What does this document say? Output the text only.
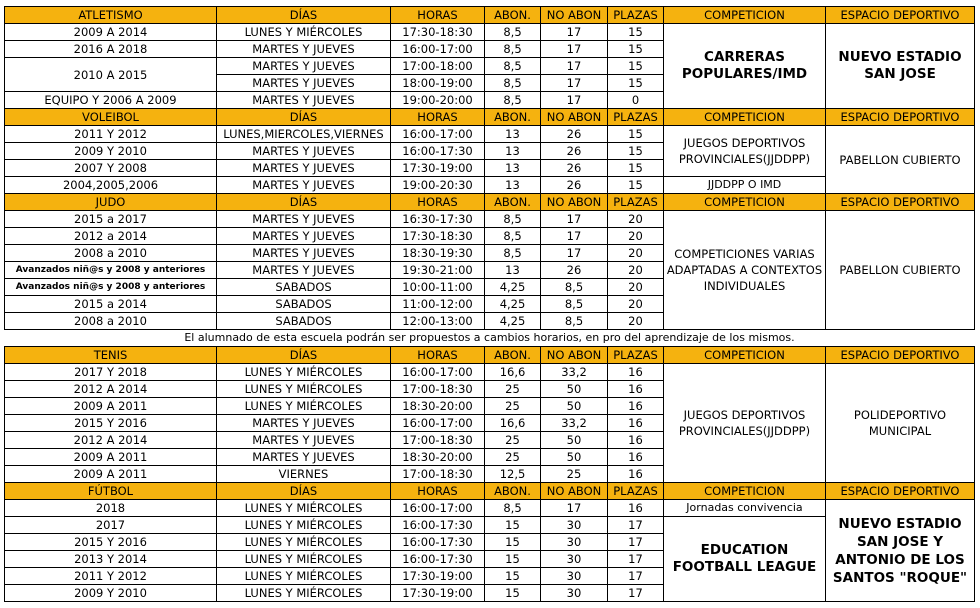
ATLETISMO	DÍAS	HORAS	ABON.	NO ABON	PLAZAS	COMPETICION	ESPACIO DEPORTIVO
2009 A 2014	LUNES Y MIÉRCOLES	17:30-18:30	8,5	17	15	CARRERAS POPULARES/IMD	NUEVO ESTADIO SAN JOSE
2016 A 2018	MARTES Y JUEVES	16:00-17:00	8,5	17	15		
2010 A 2015	MARTES Y JUEVES	17:00-18:00	8,5	17	15		
	MARTES Y JUEVES	18:00-19:00	8,5	17	15		
EQUIPO Y 2006 A 2009	MARTES Y JUEVES	19:00-20:00	8,5	17	0		
VOLEIBOL	DÍAS	HORAS	ABON.	NO ABON	PLAZAS	COMPETICION	ESPACIO DEPORTIVO
2011 Y 2012	LUNES,MIERCOLES,VIERNES	16:00-17:00	13	26	15	JUEGOS DEPORTIVOS PROVINCIALES(JJDDPP)	PABELLON CUBIERTO
2009 Y 2010	MARTES Y JUEVES	16:00-17:30	13	26	15		
2007 Y 2008	MARTES Y JUEVES	17:30-19:00	13	26	15		
2004,2005,2006	MARTES Y JUEVES	19:00-20:30	13	26	15	JJDDPP O IMD	
JUDO	DÍAS	HORAS	ABON.	NO ABON	PLAZAS	COMPETICION	ESPACIO DEPORTIVO
2015 a 2017	MARTES Y JUEVES	16:30-17:30	8,5	17	20	COMPETICIONES VARIAS ADAPTADAS A CONTEXTOS INDIVIDUALES	PABELLON CUBIERTO
2012 a 2014	MARTES Y JUEVES	17:30-18:30	8,5	17	20		
2008 a 2010	MARTES Y JUEVES	18:30-19:30	8,5	17	20		
Avanzados niñ@s y 2008 y anteriores	MARTES Y JUEVES	19:30-21:00	13	26	20		
Avanzados niñ@s y 2008 y anteriores	SABADOS	10:00-11:00	4,25	8,5	20		
2015 a 2014	SABADOS	11:00-12:00	4,25	8,5	20		
2008 a 2010	SABADOS	12:00-13:00	4,25	8,5	20		
El alumnado de esta escuela podrán ser propuestos a cambios horarios, en pro del aprendizaje de los mismos.							
TENIS	DÍAS	HORAS	ABON.	NO ABON	PLAZAS	COMPETICION	ESPACIO DEPORTIVO
2017 Y 2018	LUNES Y MIÉRCOLES	16:00-17:00	16,6	33,2	16	JUEGOS DEPORTIVOS PROVINCIALES(JJDDPP)	POLIDEPORTIVO MUNICIPAL
2012 A 2014	LUNES Y MIÉRCOLES	17:00-18:30	25	50	16		
2009 A 2011	LUNES Y MIÉRCOLES	18:30-20:00	25	50	16		
2015 Y 2016	MARTES Y JUEVES	16:00-17:00	16,6	33,2	16		
2012 A 2014	MARTES Y JUEVES	17:00-18:30	25	50	16		
2009 A 2011	MARTES Y JUEVES	18:30-20:00	25	50	16		
2009 A 2011	VIERNES	17:00-18:30	12,5	25	16		
FÚTBOL	DÍAS	HORAS	ABON.	NO ABON	PLAZAS	COMPETICION	ESPACIO DEPORTIVO
2018	LUNES Y MIÉRCOLES	16:00-17:00	8,5	17	16	Jornadas convivencia	NUEVO ESTADIO SAN JOSE Y ANTONIO DE LOS SANTOS "ROQUE"
2017	LUNES Y MIÉRCOLES	16:00-17:30	15	30	17	EDUCATION FOOTBALL LEAGUE	
2015 Y 2016	LUNES Y MIÉRCOLES	16:00-17:30	15	30	17		
2013 Y 2014	LUNES Y MIÉRCOLES	16:00-17:30	15	30	17		
2011 Y 2012	LUNES Y MIÉRCOLES	17:30-19:00	15	30	17		
2009 Y 2010	LUNES Y MIÉRCOLES	17:30-19:00	15	30	17		
